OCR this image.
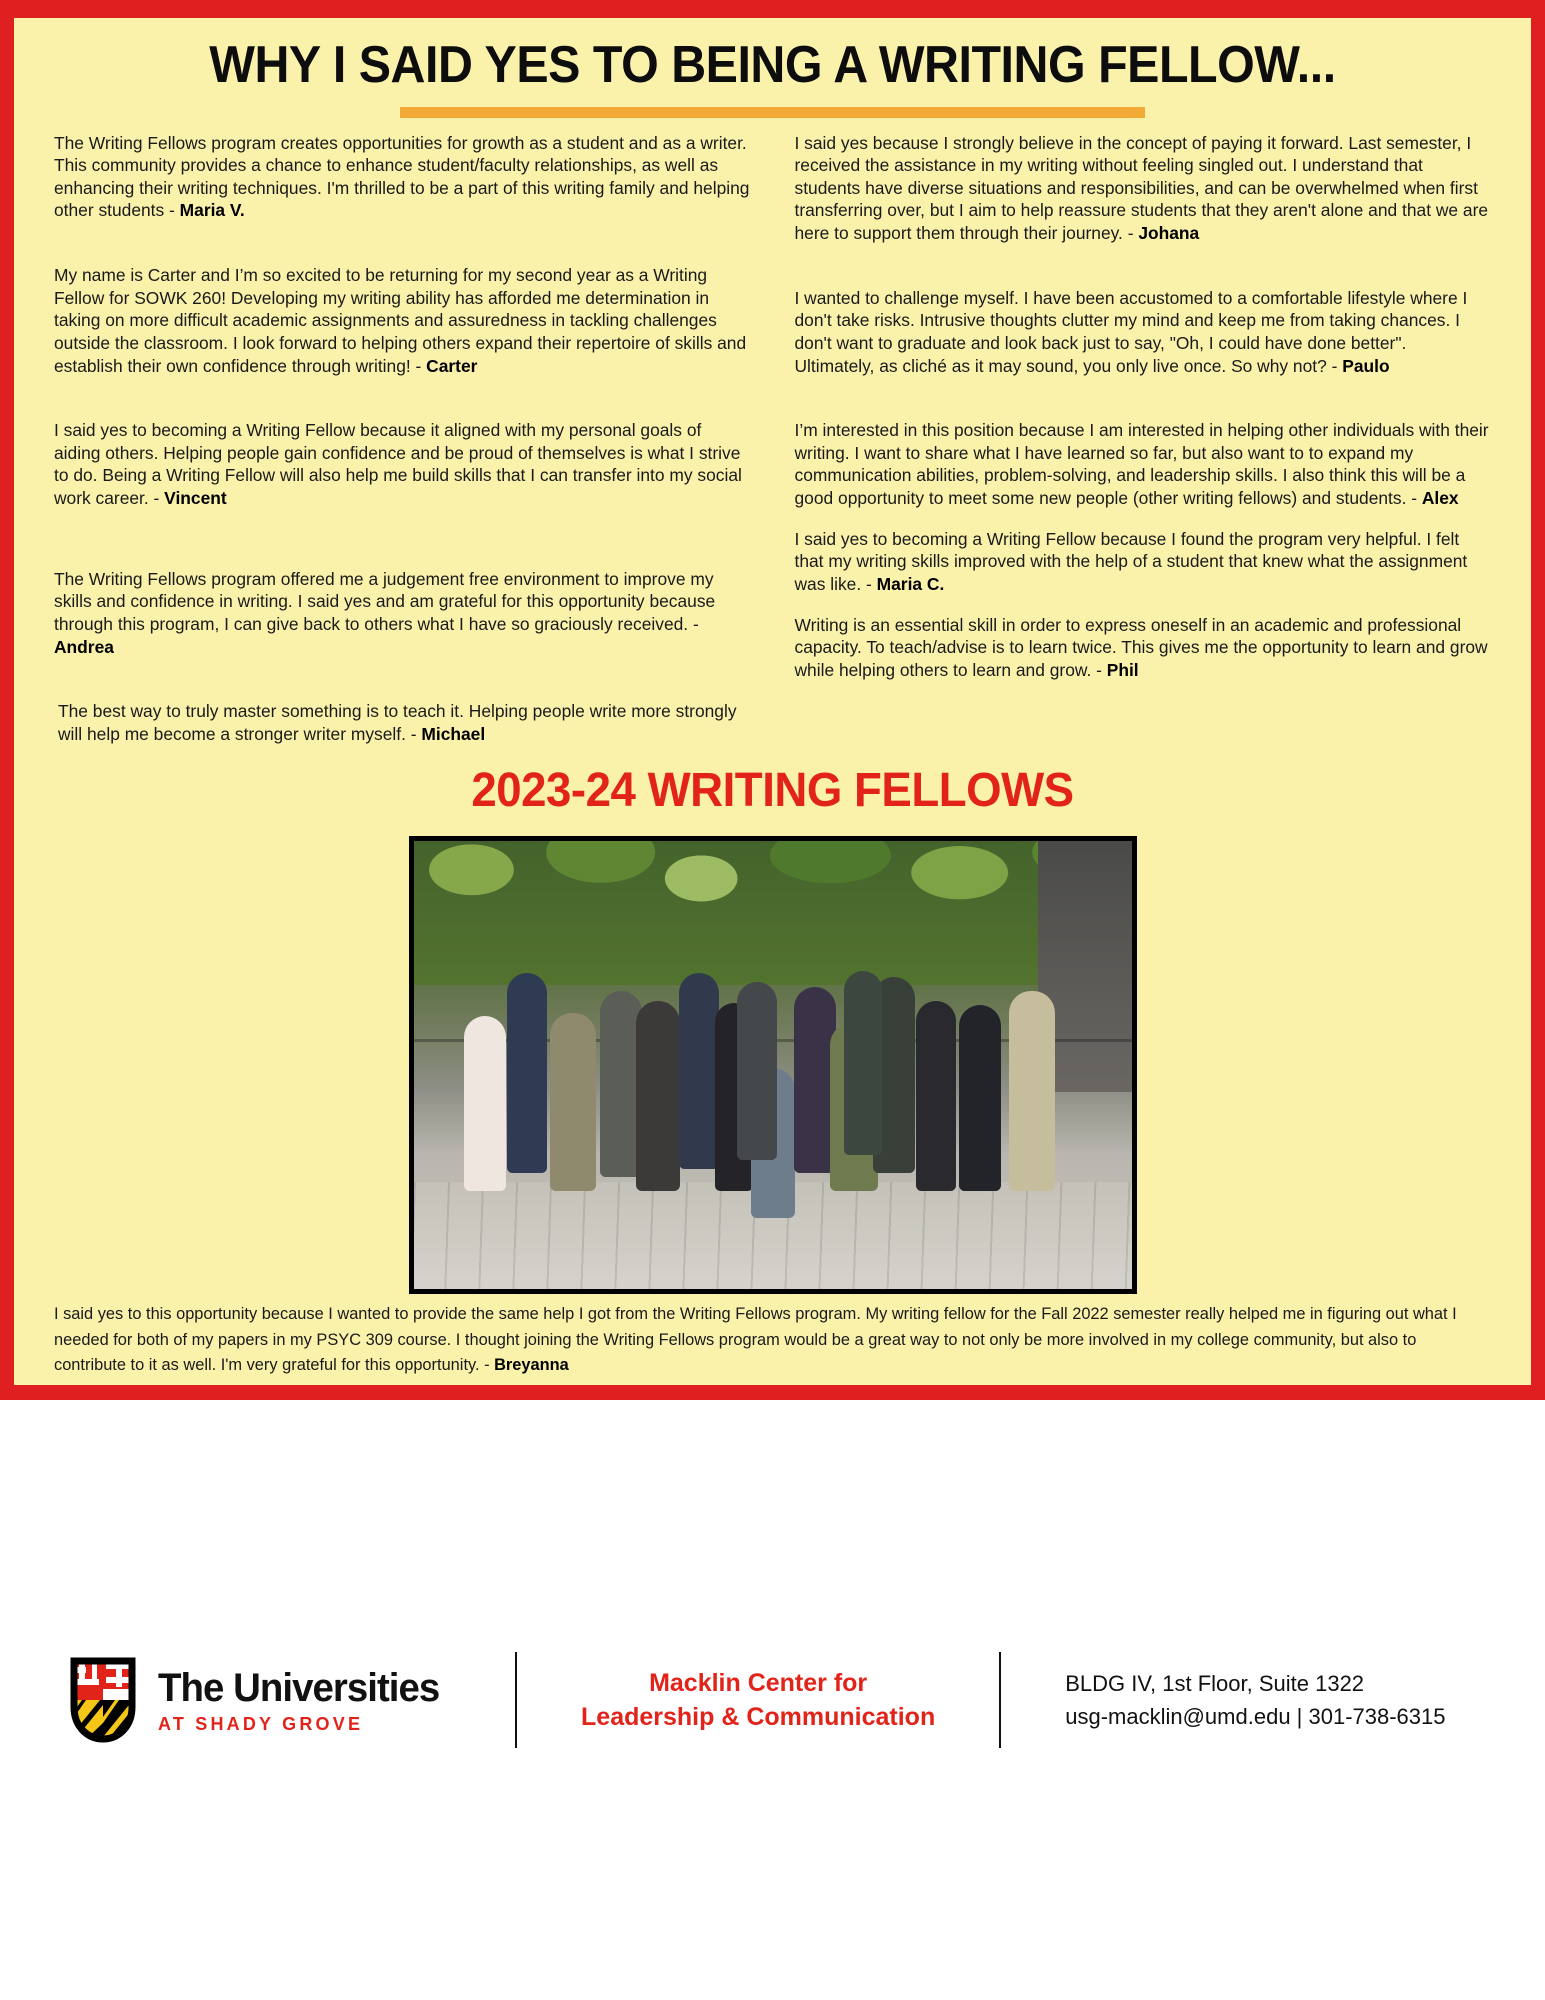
WHY I SAID YES TO BEING A WRITING FELLOW...

The Writing Fellows program creates opportunities for growth as a student and as a writer. This community provides a chance to enhance student/faculty relationships, as well as enhancing their writing techniques. I'm thrilled to be a part of this writing family and helping other students - Maria V.

My name is Carter and I’m so excited to be returning for my second year as a Writing Fellow for SOWK 260! Developing my writing ability has afforded me determination in taking on more difficult academic assignments and assuredness in tackling challenges outside the classroom. I look forward to helping others expand their repertoire of skills and establish their own confidence through writing! - Carter

I said yes to becoming a Writing Fellow because it aligned with my personal goals of aiding others. Helping people gain confidence and be proud of themselves is what I strive to do. Being a Writing Fellow will also help me build skills that I can transfer into my social work career. - Vincent

The Writing Fellows program offered me a judgement free environment to improve my skills and confidence in writing. I said yes and am grateful for this opportunity because through this program, I can give back to others what I have so graciously received. - Andrea

The best way to truly master something is to teach it. Helping people write more strongly will help me become a stronger writer myself. - Michael

I said yes because I strongly believe in the concept of paying it forward. Last semester, I received the assistance in my writing without feeling singled out. I understand that students have diverse situations and responsibilities, and can be overwhelmed when first transferring over, but I aim to help reassure students that they aren't alone and that we are here to support them through their journey. - Johana

I wanted to challenge myself. I have been accustomed to a comfortable lifestyle where I don't take risks. Intrusive thoughts clutter my mind and keep me from taking chances. I don't want to graduate and look back just to say, "Oh, I could have done better". Ultimately, as cliché as it may sound, you only live once. So why not? - Paulo

I’m interested in this position because I am interested in helping other individuals with their writing. I want to share what I have learned so far, but also want to to expand my communication abilities, problem-solving, and leadership skills. I also think this will be a good opportunity to meet some new people (other writing fellows) and students. - Alex

I said yes to becoming a Writing Fellow because I found the program very helpful. I felt that my writing skills improved with the help of a student that knew what the assignment was like. - Maria C.

Writing is an essential skill in order to express oneself in an academic and professional capacity. To teach/advise is to learn twice. This gives me the opportunity to learn and grow while helping others to learn and grow. - Phil

2023-24 WRITING FELLOWS

I said yes to this opportunity because I wanted to provide the same help I got from the Writing Fellows program. My writing fellow for the Fall 2022 semester really helped me in figuring out what I needed for both of my papers in my PSYC 309 course. I thought joining the Writing Fellows program would be a great way to not only be more involved in my college community, but also to contribute to it as well. I'm very grateful for this opportunity. - Breyanna

The Universities
AT SHADY GROVE
Macklin Center for
Leadership & Communication
BLDG IV, 1st Floor, Suite 1322
usg-macklin@umd.edu | 301-738-6315
